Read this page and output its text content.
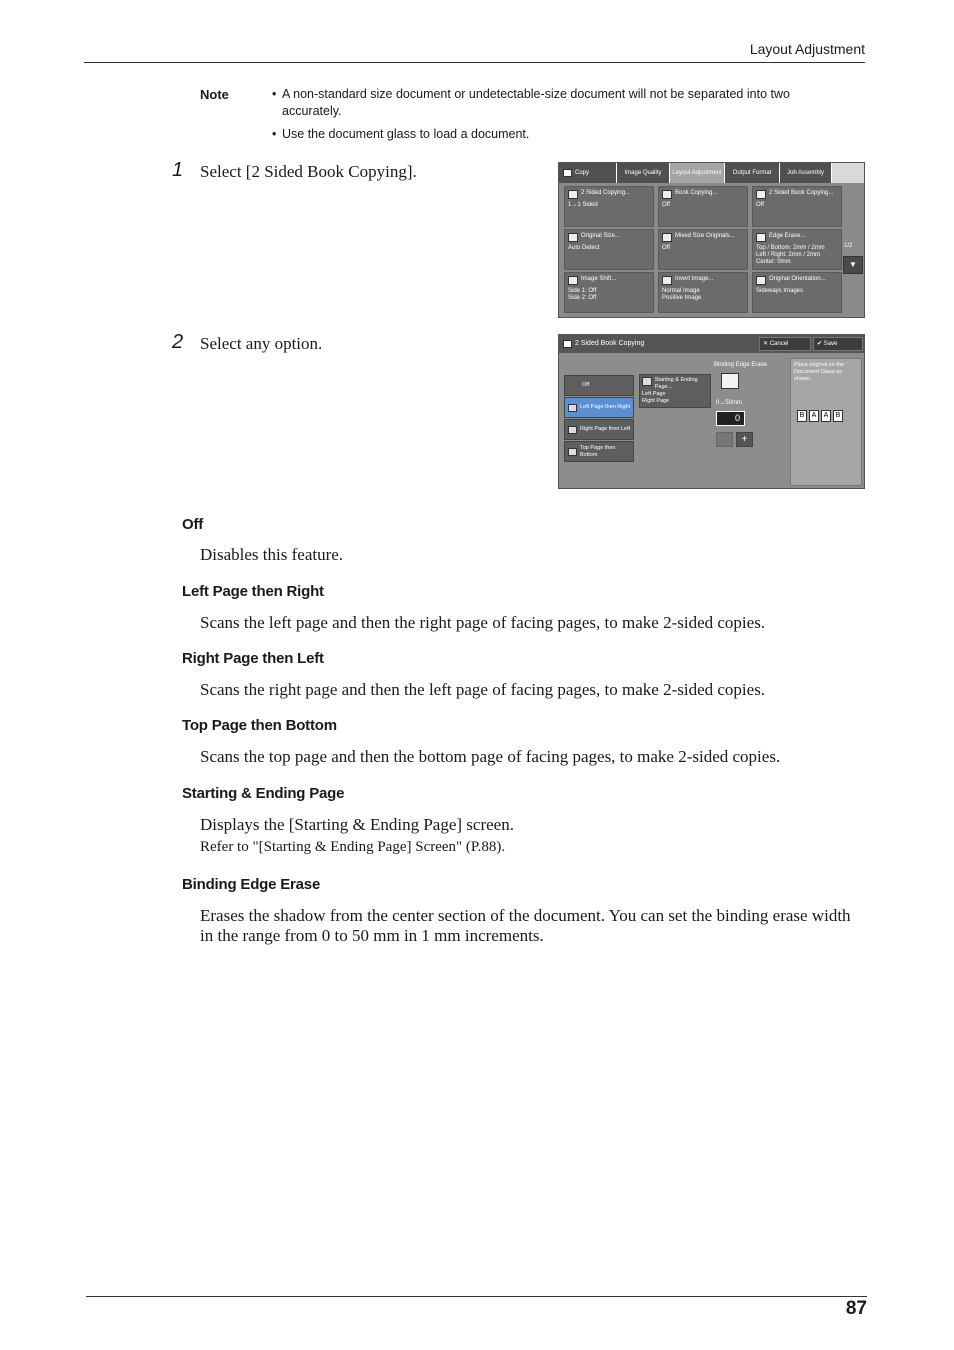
Layout Adjustment
Note	• A non-standard size document or undetectable-size document will not be separated into two accurately.
• Use the document glass to load a document.
1 Select [2 Sided Book Copying].	Copy	Image Quality Layout Adjustment Output Format	Job Assembly
2 Sided Copying...
1→1 Sided
Book Copying...
Off
2 Sided Book Copying...
Off
Original Size...
Auto Detect
Mixed Size Originals...
Off
Edge Erase...
Top / Bottom: 2mm / 2mm
Left / Right: 2mm / 2mm
Center: 0mm
Image Shift...
Side 1: Off
Side 2: Off
Invert Image...
Normal Image
Positive Image
Original Orientation...
Sideways Images
1/2
▼
2 Select any option.	2 Sided Book Copying	✕ Cancel	✔ Save
Off
Left Page then Right
Right Page then Left
Top Page then Bottom
Starting & Ending Page...
Left Page
Right Page
Binding Edge Erase
0↔50mm
0
+
Place original on the Document Glass as shown.
B	A	A	B
Off
Disables this feature.
Left Page then Right
Scans the left page and then the right page of facing pages, to make 2-sided copies.
Right Page then Left
Scans the right page and then the left page of facing pages, to make 2-sided copies.
Top Page then Bottom
Scans the top page and then the bottom page of facing pages, to make 2-sided copies.
Starting & Ending Page
Displays the [Starting & Ending Page] screen.
Refer to "[Starting & Ending Page] Screen" (P.88).
Binding Edge Erase
Erases the shadow from the center section of the document. You can set the binding erase width in the range from 0 to 50 mm in 1 mm increments.
87
